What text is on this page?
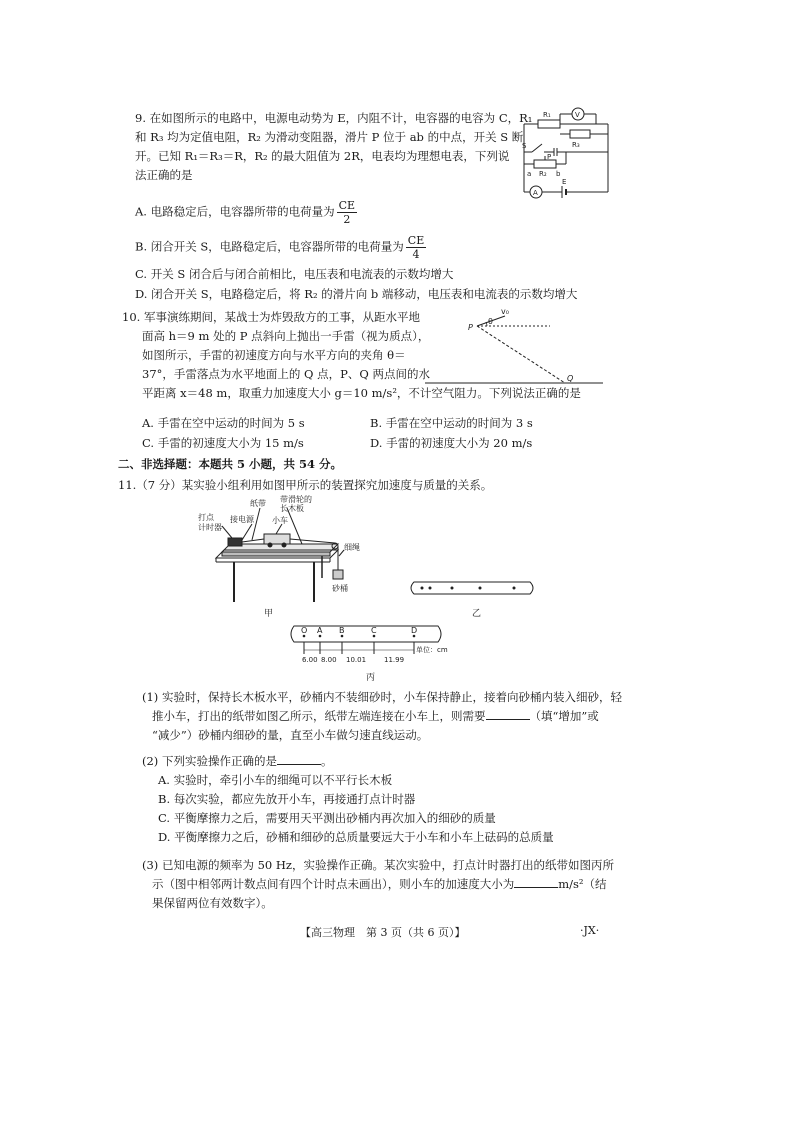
9. 在如图所示的电路中，电源电动势为 E，内阻不计，电容器的电容为 C，R₁
和 R₃ 均为定值电阻，R₂ 为滑动变阻器，滑片 P 位于 ab 的中点，开关 S 断
开。已知 R₁＝R₃＝R，R₂ 的最大阻值为 2R，电表均为理想电表，下列说
法正确的是
R₁	V
R₃
S
P
a R₂ b
A
E
A. 电路稳定后，电容器所带的电荷量为 $\frac{CE}{2}$
B. 闭合开关 S，电路稳定后，电容器所带的电荷量为 $\frac{CE}{4}$
C. 开关 S 闭合后与闭合前相比，电压表和电流表的示数均增大
D. 闭合开关 S，电路稳定后，将 R₂ 的滑片向 b 端移动，电压表和电流表的示数均增大
10. 军事演练期间，某战士为炸毁敌方的工事，从距水平地
面高 h＝9 m 处的 P 点斜向上抛出一手雷（视为质点），
如图所示，手雷的初速度方向与水平方向的夹角 θ＝
37°，手雷落点为水平地面上的 Q 点，P、Q 两点间的水
平距离 x＝48 m，取重力加速度大小 g＝10 m/s²，不计空气阻力。下列说法正确的是
v₀
P
θ
Q
A. 手雷在空中运动的时间为 5 s	B. 手雷在空中运动的时间为 3 s
C. 手雷的初速度大小为 15 m/s	D. 手雷的初速度大小为 20 m/s
二、非选择题：本题共 5 小题，共 54 分。
11.（7 分）某实验小组利用如图甲所示的装置探究加速度与质量的关系。
打点
计时器
接电源
纸带
小车
带滑轮的
长木板
细绳
砂桶
甲	乙
O A B	C	D
6.00 8.00 10.01	11.99
单位：cm
丙
(1) 实验时，保持长木板水平，砂桶内不装细砂时，小车保持静止，接着向砂桶内装入细砂，轻
推小车，打出的纸带如图乙所示，纸带左端连接在小车上，则需要	（填“增加”或
“减少”）砂桶内细砂的量，直至小车做匀速直线运动。
(2) 下列实验操作正确的是	。
A. 实验时，牵引小车的细绳可以不平行长木板
B. 每次实验，都应先放开小车，再接通打点计时器
C. 平衡摩擦力之后，需要用天平测出砂桶内再次加入的细砂的质量
D. 平衡摩擦力之后，砂桶和细砂的总质量要远大于小车和小车上砝码的总质量
(3) 已知电源的频率为 50 Hz，实验操作正确。某次实验中，打点计时器打出的纸带如图丙所
示（图中相邻两计数点间有四个计时点未画出），则小车的加速度大小为	m/s²（结
果保留两位有效数字）。
【高三物理　第 3 页（共 6 页）】	·JX·
